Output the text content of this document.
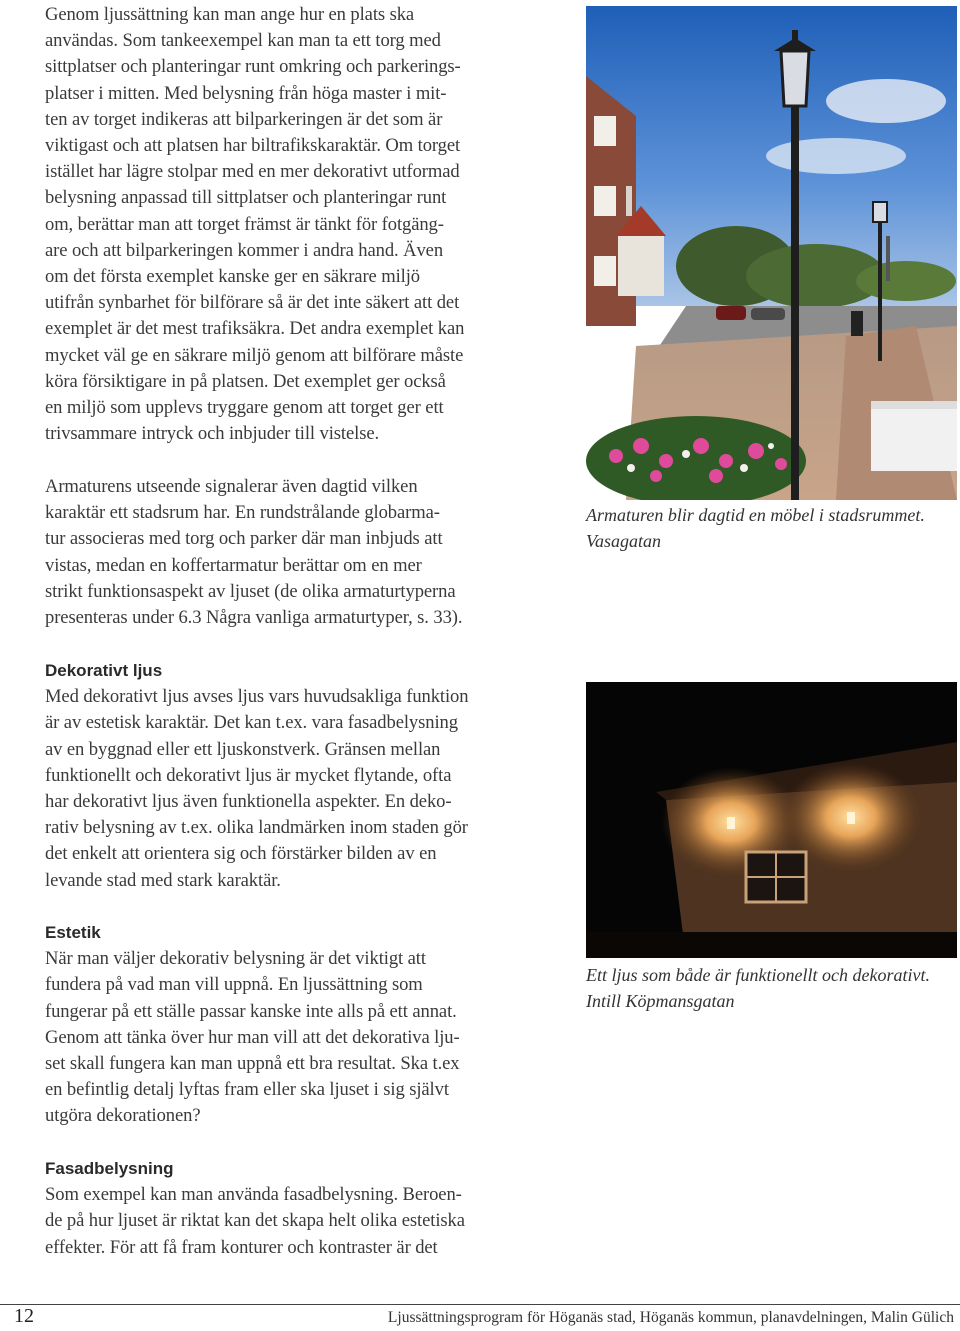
Genom ljussättning kan man ange hur en plats ska
användas. Som tankeexempel kan man ta ett torg med
sittplatser och planteringar runt omkring och parkerings-
platser i mitten. Med belysning från höga master i mit-
ten av torget indikeras att bilparkeringen är det som är
viktigast och att platsen har biltrafikskaraktär. Om torget
istället har lägre stolpar med en mer dekorativt utformad
belysning anpassad till sittplatser och planteringar runt
om, berättar man att torget främst är tänkt för fotgäng-
are och att bilparkeringen kommer i andra hand. Även
om det första exemplet kanske ger en säkrare miljö
utifrån synbarhet för bilförare så är det inte säkert att det
exemplet är det mest trafiksäkra. Det andra exemplet kan
mycket väl ge en säkrare miljö genom att bilförare måste
köra försiktigare in på platsen. Det exemplet ger också
en miljö som upplevs tryggare genom att torget ger ett
trivsammare intryck och inbjuder till vistelse.

Armaturens utseende signalerar även dagtid vilken
karaktär ett stadsrum har. En rundstrålande globarma-
tur associeras med torg och parker där man inbjuds att
vistas, medan en koffertarmatur berättar om en mer
strikt funktionsaspekt av ljuset (de olika armaturtyperna
presenteras under 6.3 Några vanliga armaturtyper, s. 33).

Dekorativt ljus

Med dekorativt ljus avses ljus vars huvudsakliga funktion
är av estetisk karaktär. Det kan t.ex. vara fasadbelysning
av en byggnad eller ett ljuskonstverk. Gränsen mellan
funktionellt och dekorativt ljus är mycket flytande, ofta
har dekorativt ljus även funktionella aspekter. En deko-
rativ belysning av t.ex. olika landmärken inom staden gör
det enkelt att orientera sig och förstärker bilden av en
levande stad med stark karaktär.

Estetik

När man väljer dekorativ belysning är det viktigt att
fundera på vad man vill uppnå. En ljussättning som
fungerar på ett ställe passar kanske inte alls på ett annat.
Genom att tänka över hur man vill att det dekorativa lju-
set skall fungera kan man uppnå ett bra resultat. Ska t.ex
en befintlig detalj lyftas fram eller ska ljuset i sig självt
utgöra dekorationen?

Fasadbelysning

Som exempel kan man använda fasadbelysning. Beroen-
de på hur ljuset är riktat kan det skapa helt olika estetiska
effekter. För att få fram konturer och kontraster är det

Armaturen blir dagtid en möbel i stadsrummet.
Vasagatan
Ett ljus som både är funktionellt och dekorativt.
Intill Köpmansgatan
12	Ljussättningsprogram för Höganäs stad, Höganäs kommun, planavdelningen, Malin Gülich
